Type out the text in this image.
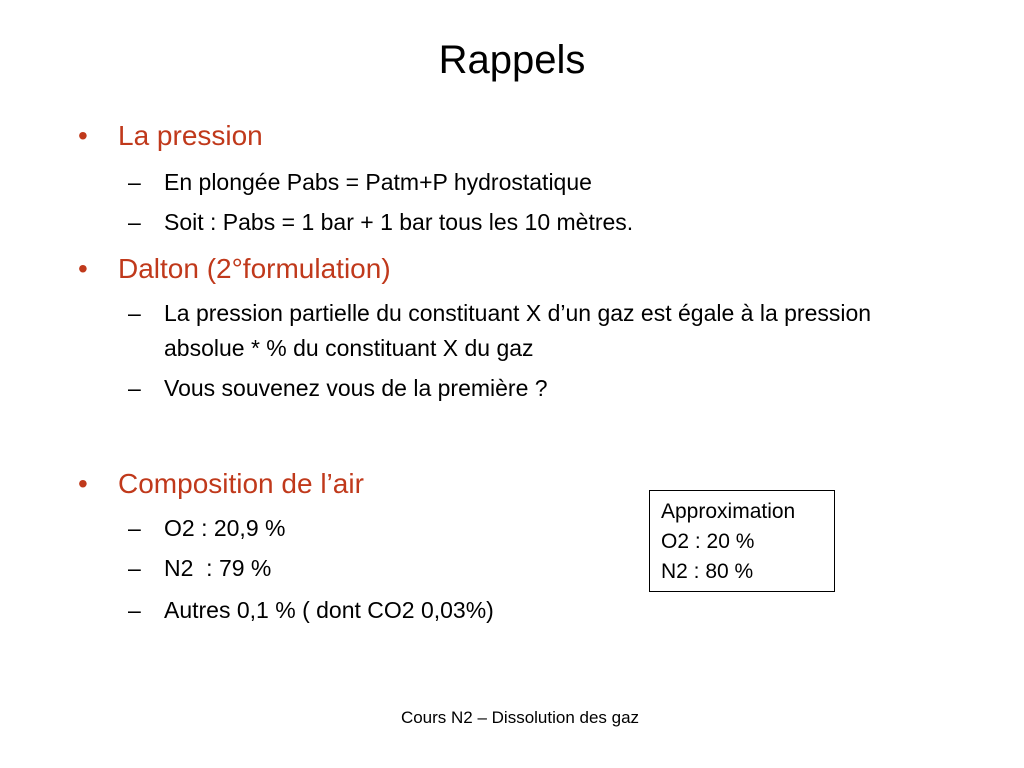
Rappels
• La pression
– En plongée Pabs = Patm+P hydrostatique
– Soit : Pabs = 1 bar + 1 bar tous les 10 mètres.
• Dalton (2°formulation)
– La pression partielle du constituant X d’un gaz est égale à la pression absolue * % du constituant X du gaz
– Vous souvenez vous de la première ?
• Composition de l’air
– O2 : 20,9 %
– N2  : 79 %
– Autres 0,1 % ( dont CO2 0,03%)
Approximation
O2 : 20 %
N2 : 80 %
Cours N2 – Dissolution des gaz
